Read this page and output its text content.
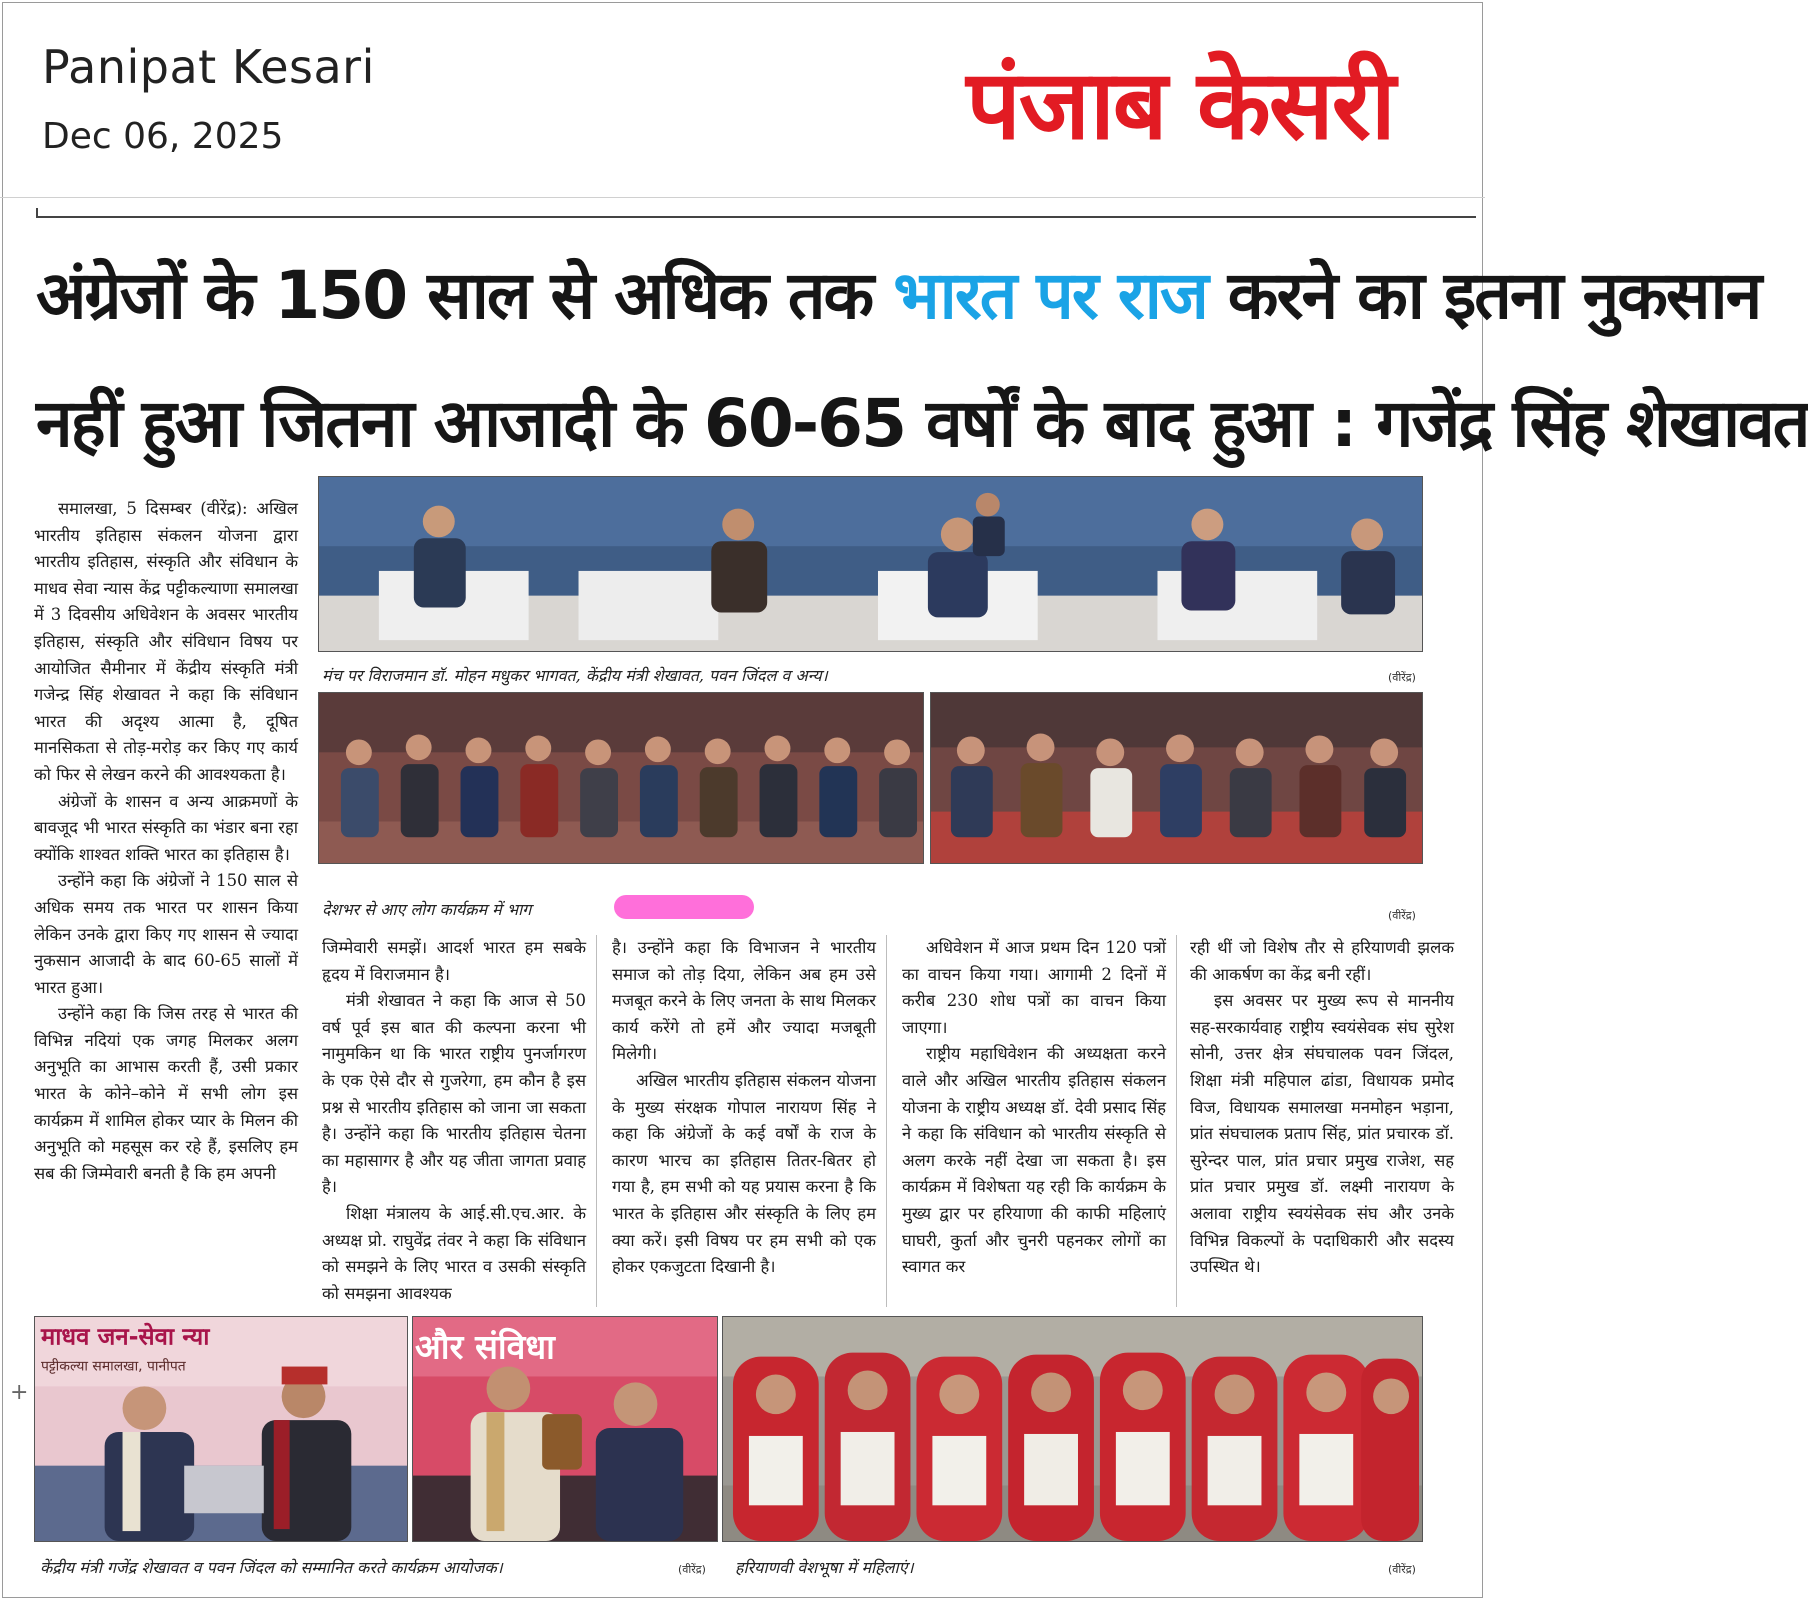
Panipat Kesari
Dec 06, 2025	पंजाब केसरी
अंग्रेजों के 150 साल से अधिक तक भारत पर राज करने का इतना नुकसान
नहीं हुआ जितना आजादी के 60-65 वर्षों के बाद हुआ : गजेंद्र सिंह शेखावत

समालखा, 5 दिसम्बर (वीरेंद्र): अखिल भारतीय इतिहास संकलन योजना द्वारा भारतीय इतिहास, संस्कृति और संविधान के माधव सेवा न्यास केंद्र पट्टीकल्याणा समालखा में 3 दिवसीय अधिवेशन के अवसर भारतीय इतिहास, संस्कृति और संविधान विषय पर आयोजित सैमीनार में केंद्रीय संस्कृति मंत्री गजेन्द्र सिंह शेखावत ने कहा कि संविधान भारत की अदृश्य आत्मा है, दूषित मानसिकता से तोड़-मरोड़ कर किए गए कार्य को फिर से लेखन करने की आवश्यकता है।

अंग्रेजों के शासन व अन्य आक्रमणों के बावजूद भी भारत संस्कृति का भंडार बना रहा क्योंकि शाश्वत शक्ति भारत का इतिहास है।

उन्होंने कहा कि अंग्रेजों ने 150 साल से अधिक समय तक भारत पर शासन किया लेकिन उनके द्वारा किए गए शासन से ज्यादा नुकसान आजादी के बाद 60-65 सालों में भारत हुआ।

उन्होंने कहा कि जिस तरह से भारत की विभिन्न नदियां एक जगह मिलकर अलग अनुभूति का आभास करती हैं, उसी प्रकार भारत के कोने–कोने में सभी लोग इस कार्यक्रम में शामिल होकर प्यार के मिलन की अनुभूति को महसूस कर रहे हैं, इसलिए हम सब की जिम्मेवारी बनती है कि हम अपनी

मंच पर विराजमान डॉ. मोहन मधुकर भागवत, केंद्रीय मंत्री शेखावत, पवन जिंदल व अन्य।	(वीरेंद्र)
देशभर से आए लोग कार्यक्रम में भाग	(वीरेंद्र)

जिम्मेवारी समझें। आदर्श भारत हम सबके हृदय में विराजमान है।

मंत्री शेखावत ने कहा कि आज से 50 वर्ष पूर्व इस बात की कल्पना करना भी नामुमकिन था कि भारत राष्ट्रीय पुनर्जागरण के एक ऐसे दौर से गुजरेगा, हम कौन है इस प्रश्न से भारतीय इतिहास को जाना जा सकता है। उन्होंने कहा कि भारतीय इतिहास चेतना का महासागर है और यह जीता जागता प्रवाह है।

शिक्षा मंत्रालय के आई.सी.एच.आर. के अध्यक्ष प्रो. राघुवेंद्र तंवर ने कहा कि संविधान को समझने के लिए भारत व उसकी संस्कृति को समझना आवश्यक

है। उन्होंने कहा कि विभाजन ने भारतीय समाज को तोड़ दिया, लेकिन अब हम उसे मजबूत करने के लिए जनता के साथ मिलकर कार्य करेंगे तो हमें और ज्यादा मजबूती मिलेगी।

अखिल भारतीय इतिहास संकलन योजना के मुख्य संरक्षक गोपाल नारायण सिंह ने कहा कि अंग्रेजों के कई वर्षों के राज के कारण भारच का इतिहास तितर-बितर हो गया है, हम सभी को यह प्रयास करना है कि भारत के इतिहास और संस्कृति के लिए हम क्या करें। इसी विषय पर हम सभी को एक होकर एकजुटता दिखानी है।

अधिवेशन में आज प्रथम दिन 120 पत्रों का वाचन किया गया। आगामी 2 दिनों में करीब 230 शोध पत्रों का वाचन किया जाएगा।

राष्ट्रीय महाधिवेशन की अध्यक्षता करने वाले और अखिल भारतीय इतिहास संकलन योजना के राष्ट्रीय अध्यक्ष डॉ. देवी प्रसाद सिंह ने कहा कि संविधान को भारतीय संस्कृति से अलग करके नहीं देखा जा सकता है। इस कार्यक्रम में विशेषता यह रही कि कार्यक्रम के मुख्य द्वार पर हरियाणा की काफी महिलाएं घाघरी, कुर्ता और चुनरी पहनकर लोगों का स्वागत कर

रही थीं जो विशेष तौर से हरियाणवी झलक की आकर्षण का केंद्र बनी रहीं।

इस अवसर पर मुख्य रूप से माननीय सह-सरकार्यवाह राष्ट्रीय स्वयंसेवक संघ सुरेश सोनी, उत्तर क्षेत्र संघचालक पवन जिंदल, शिक्षा मंत्री महिपाल ढांडा, विधायक प्रमोद विज, विधायक समालखा मनमोहन भड़ाना, प्रांत संघचालक प्रताप सिंह, प्रांत प्रचारक डॉ. सुरेन्दर पाल, प्रांत प्रचार प्रमुख राजेश, सह प्रांत प्रचार प्रमुख डॉ. लक्ष्मी नारायण के अलावा राष्ट्रीय स्वयंसेवक संघ और उनके विभिन्न विकल्पों के पदाधिकारी और सदस्य उपस्थित थे।

माधव जन-सेवा न्या
पट्टीकल्या समालखा, पानीपत	और संविधा
केंद्रीय मंत्री गजेंद्र शेखावत व पवन जिंदल को सम्मानित करते कार्यक्रम आयोजक।	(वीरेंद्र) हरियाणवी वेशभूषा में महिलाएं।	(वीरेंद्र)
+
